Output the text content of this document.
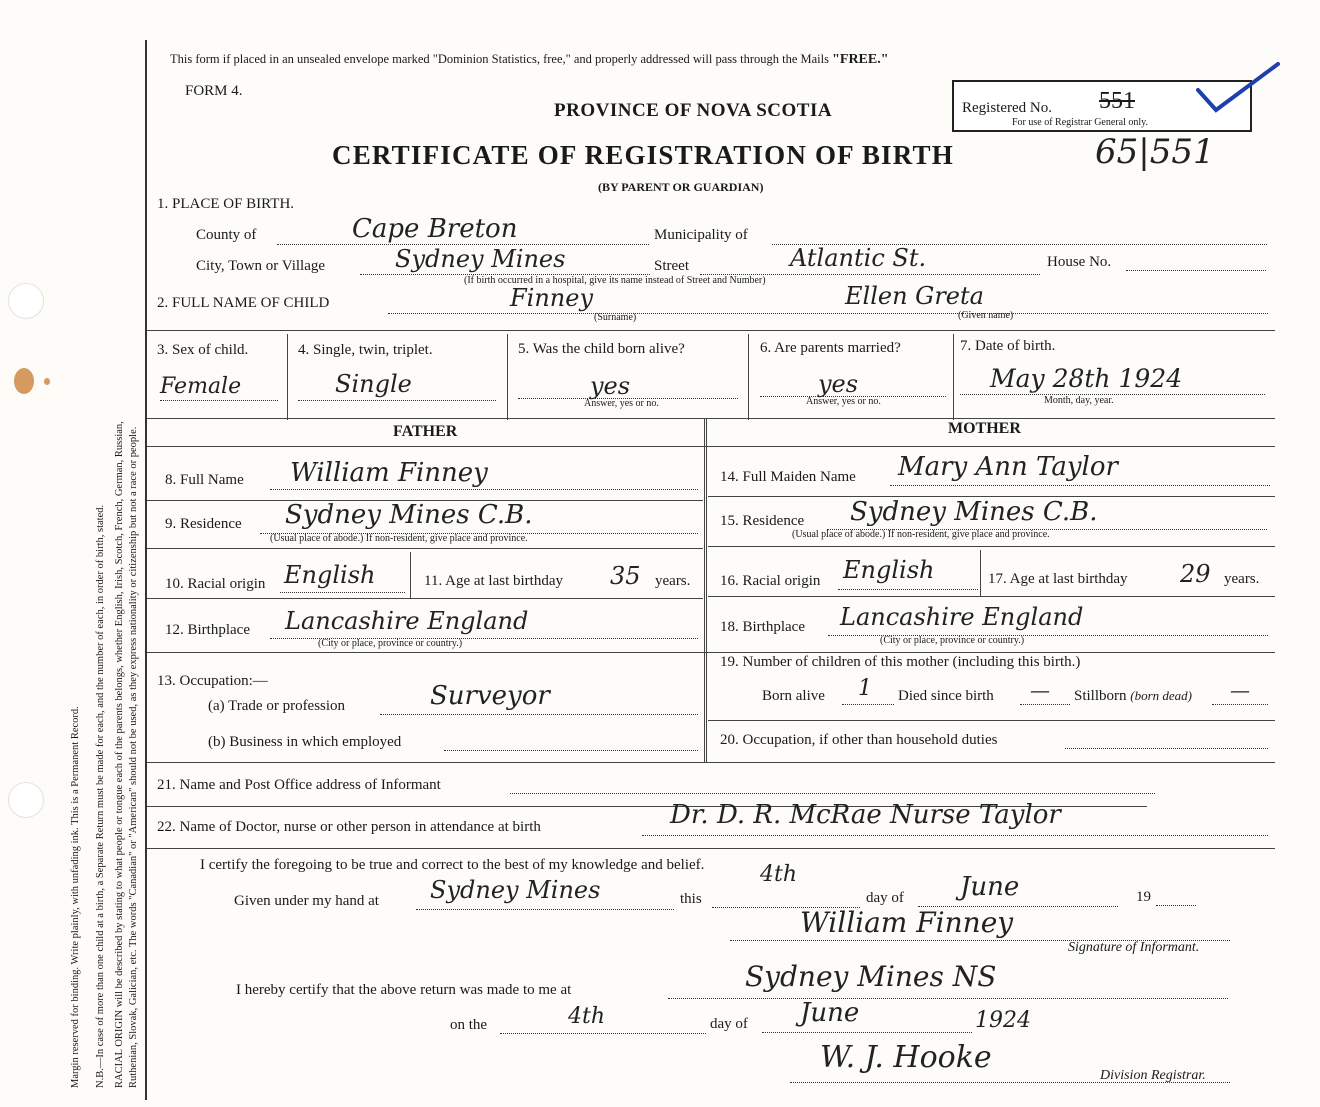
Margin reserved for binding. Write plainly, with unfading ink. This is a Permanent Record. N.B.—In case of more than one child at a birth, a Separate Return must be made for each, and the number of each, in order of birth, stated. RACIAL ORIGIN will be described by stating to what people or tongue each of the parents belongs, whether English, Irish, Scotch, French, German, Russian, Ruthenian, Slovak, Galician, etc. The words "Canadian" or "American" should not be used, as they express nationality or citizenship but not a race or people.
This form if placed in an unsealed envelope marked "Dominion Statistics, free," and properly addressed will pass through the Mails "FREE."
FORM 4.
PROVINCE OF NOVA SCOTIA	Registered No. 551
For use of Registrar General only.
CERTIFICATE OF REGISTRATION OF BIRTH	65|551
(BY PARENT OR GUARDIAN)
1. PLACE OF BIRTH.
County of	Cape Breton	Municipality of
City, Town or Village	Sydney Mines	Street	Atlantic St.	House No.
(If birth occurred in a hospital, give its name instead of Street and Number)
2. FULL NAME OF CHILD	Finney
(Surname)
Ellen Greta
(Given name)
3. Sex of child.
Female
4. Single, twin, triplet.
Single
5. Was the child born alive?
yes
Answer, yes or no.
6. Are parents married?
yes
Answer, yes or no.
7. Date of birth.
May 28th 1924
Month, day, year.
FATHER	MOTHER
8. Full Name William Finney
9. Residence Sydney Mines C.B.
(Usual place of abode.) If non-resident, give place and province.
10. Racial origin English	11. Age at last birthday 35 years.
12. Birthplace Lancashire England
(City or place, province or country.)
13. Occupation:—
(a) Trade or profession	Surveyor
(b) Business in which employed
14. Full Maiden Name Mary Ann Taylor
15. Residence Sydney Mines C.B.
(Usual place of abode.) If non-resident, give place and province.
16. Racial origin English	17. Age at last birthday 29 years.
18. Birthplace Lancashire England
(City or place, province or country.)
19. Number of children of this mother (including this birth.)
Born alive 1 Died since birth — Stillborn (born dead) —
20. Occupation, if other than household duties
21. Name and Post Office address of Informant
22. Name of Doctor, nurse or other person in attendance at birth	Dr. D. R. McRae Nurse Taylor
I certify the foregoing to be true and correct to the best of my knowledge and belief.
Given under my hand at Sydney Mines	this
4th
day of June	19
William Finney
Signature of Informant.
I hereby certify that the above return was made to me at	Sydney Mines NS
on the	4th	day of June	1924
W. J. Hooke
Division Registrar.
